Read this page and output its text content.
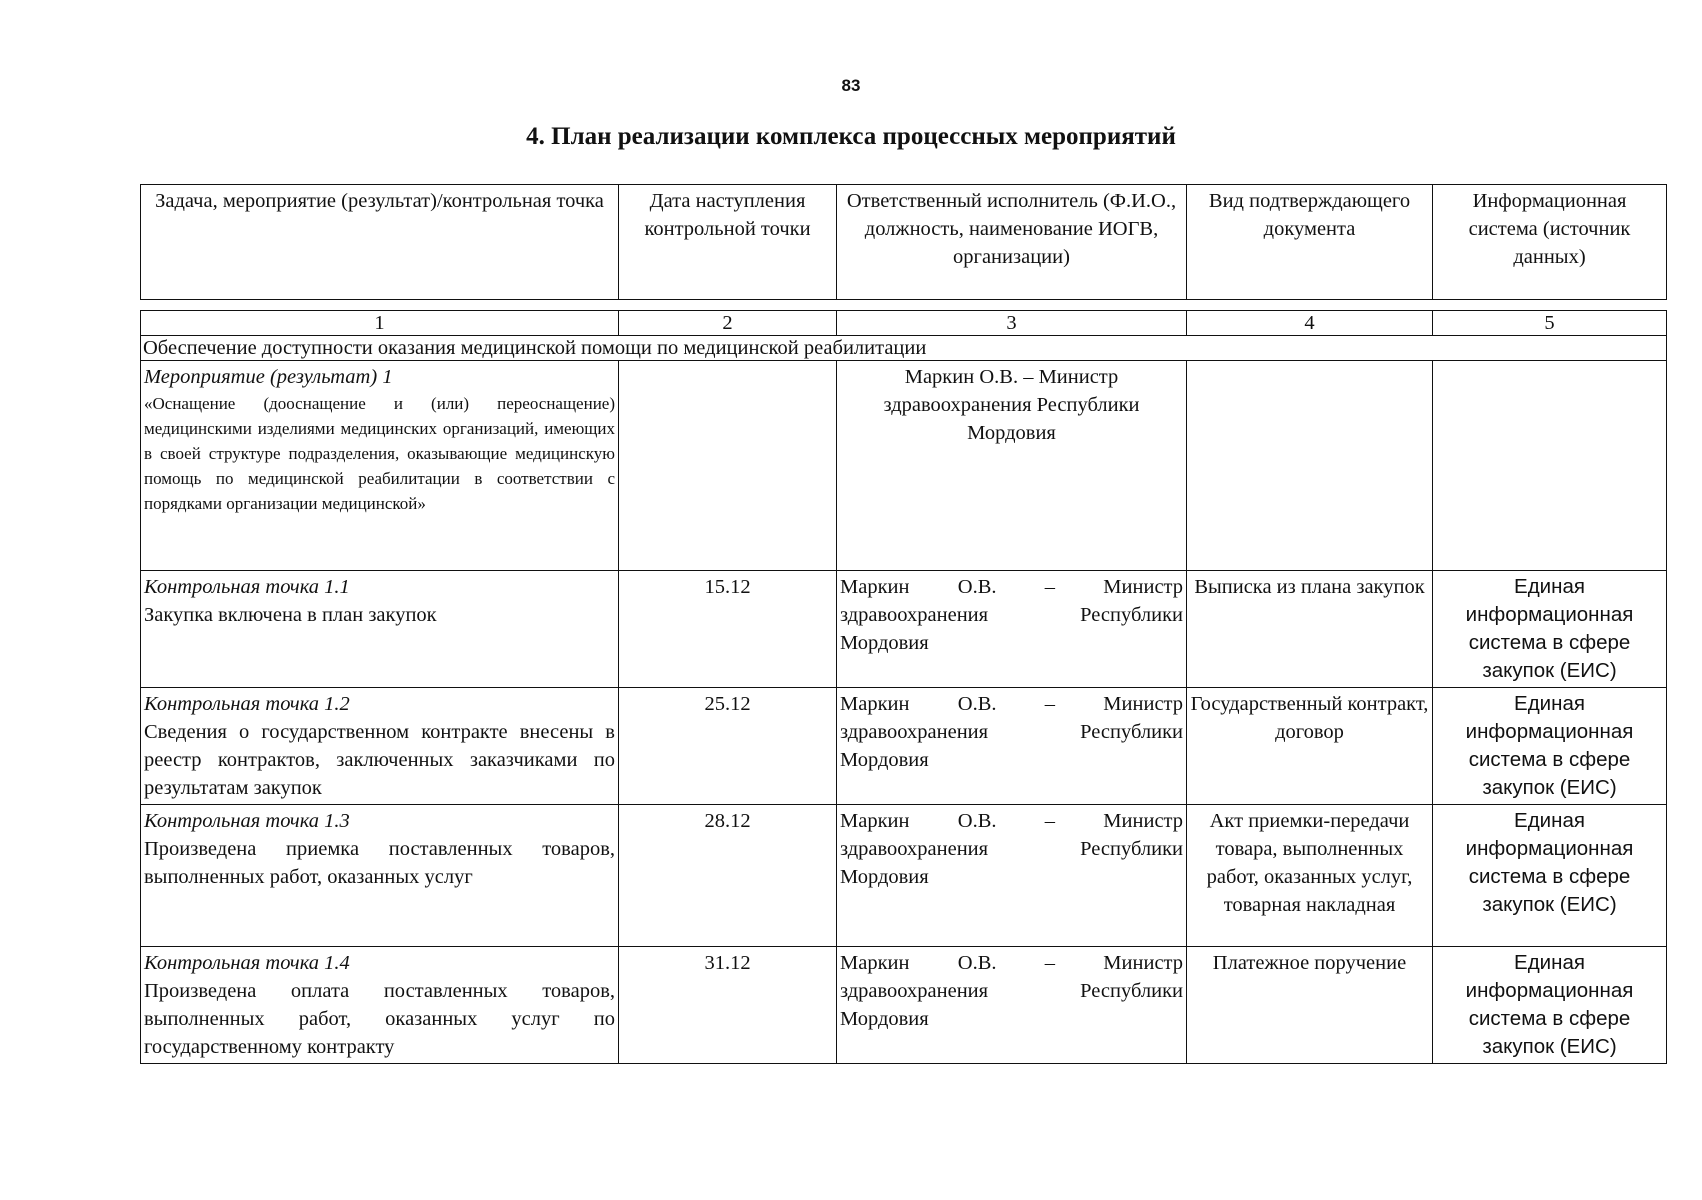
83
4. План реализации комплекса процессных мероприятий
Задача, мероприятие (результат)/контрольная точка	Дата наступления контрольной точки	Ответственный исполнитель (Ф.И.О., должность, наименование ИОГВ, организации)	Вид подтверждающего документа	Информационная система (источник данных)
1	2	3	4	5
Обеспечение доступности оказания медицинской помощи по медицинской реабилитации				

Мероприятие (результат) 1
«Оснащение (дооснащение и (или) переоснащение) медицинскими изделиями медицинских организаций, имеющих в своей структуре подразделения, оказывающие медицинскую помощь по медицинской реабилитации в соответствии с порядками организации медицинской»		Маркин О.В. – Министр здравоохранения Республики Мордовия		

Контрольная точка 1.1
Закупка включена в план закупок	15.12	Маркин О.В. – Министр здравоохранения Республики Мордовия	Выписка из плана закупок	Единая информационная система в сфере закупок (ЕИС)

Контрольная точка 1.2
Сведения о государственном контракте внесены в реестр контрактов, заключенных заказчиками по результатам закупок	25.12	Маркин О.В. – Министр здравоохранения Республики Мордовия	Государственный контракт, договор	Единая информационная система в сфере закупок (ЕИС)

Контрольная точка 1.3
Произведена приемка поставленных товаров, выполненных работ, оказанных услуг	28.12	Маркин О.В. – Министр здравоохранения Республики Мордовия	Акт приемки-передачи товара, выполненных работ, оказанных услуг, товарная накладная	Единая информационная система в сфере закупок (ЕИС)

Контрольная точка 1.4
Произведена оплата поставленных товаров, выполненных работ, оказанных услуг по государственному контракту	31.12	Маркин О.В. – Министр здравоохранения Республики Мордовия	Платежное поручение	Единая информационная система в сфере закупок (ЕИС)
